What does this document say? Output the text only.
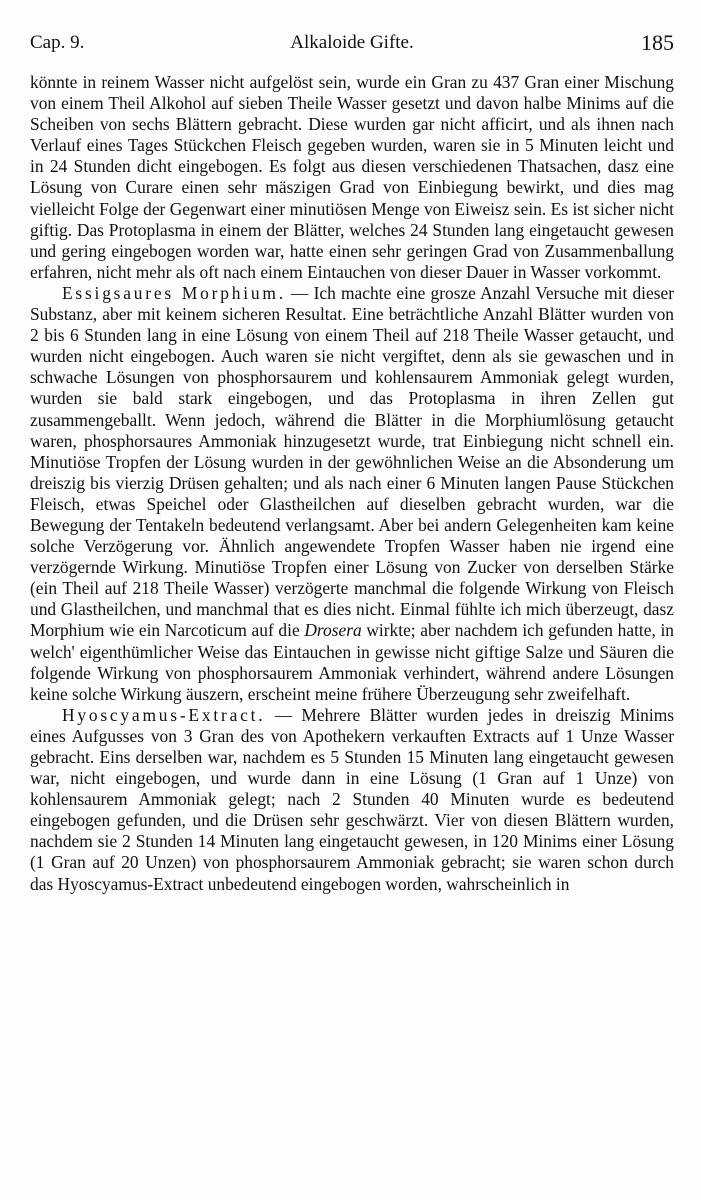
Cap. 9.	Alkaloide Gifte.	185

könnte in reinem Wasser nicht aufgelöst sein, wurde ein Gran zu 437 Gran einer Mischung von einem Theil Alkohol auf sieben Theile Wasser gesetzt und davon halbe Minims auf die Scheiben von sechs Blättern gebracht. Diese wurden gar nicht afficirt, und als ihnen nach Verlauf eines Tages Stückchen Fleisch gegeben wurden, waren sie in 5 Minuten leicht und in 24 Stunden dicht eingebogen. Es folgt aus diesen verschiedenen Thatsachen, dasz eine Lösung von Curare einen sehr mäszigen Grad von Einbiegung bewirkt, und dies mag vielleicht Folge der Gegenwart einer minutiösen Menge von Eiweisz sein. Es ist sicher nicht giftig. Das Protoplasma in einem der Blätter, welches 24 Stunden lang eingetaucht gewesen und gering eingebogen worden war, hatte einen sehr geringen Grad von Zusammenballung erfahren, nicht mehr als oft nach einem Eintauchen von dieser Dauer in Wasser vorkommt.

Essigsaures Morphium. — Ich machte eine grosze Anzahl Versuche mit dieser Substanz, aber mit keinem sicheren Resultat. Eine beträchtliche Anzahl Blätter wurden von 2 bis 6 Stunden lang in eine Lösung von einem Theil auf 218 Theile Wasser getaucht, und wurden nicht eingebogen. Auch waren sie nicht vergiftet, denn als sie gewaschen und in schwache Lösungen von phosphorsaurem und kohlensaurem Ammoniak gelegt wurden, wurden sie bald stark eingebogen, und das Protoplasma in ihren Zellen gut zusammengeballt. Wenn jedoch, während die Blätter in die Morphiumlösung getaucht waren, phosphorsaures Ammoniak hinzugesetzt wurde, trat Einbiegung nicht schnell ein. Minutiöse Tropfen der Lösung wurden in der gewöhnlichen Weise an die Absonderung um dreiszig bis vierzig Drüsen gehalten; und als nach einer 6 Minuten langen Pause Stückchen Fleisch, etwas Speichel oder Glastheilchen auf dieselben gebracht wurden, war die Bewegung der Tentakeln bedeutend verlangsamt. Aber bei andern Gelegenheiten kam keine solche Verzögerung vor. Ähnlich angewendete Tropfen Wasser haben nie irgend eine verzögernde Wirkung. Minutiöse Tropfen einer Lösung von Zucker von derselben Stärke (ein Theil auf 218 Theile Wasser) verzögerte manchmal die folgende Wirkung von Fleisch und Glastheilchen, und manchmal that es dies nicht. Einmal fühlte ich mich überzeugt, dasz Morphium wie ein Narcoticum auf die Drosera wirkte; aber nachdem ich gefunden hatte, in welch' eigenthümlicher Weise das Eintauchen in gewisse nicht giftige Salze und Säuren die folgende Wirkung von phosphorsaurem Ammoniak verhindert, während andere Lösungen keine solche Wirkung äuszern, erscheint meine frühere Überzeugung sehr zweifelhaft.

Hyoscyamus-Extract. — Mehrere Blätter wurden jedes in dreiszig Minims eines Aufgusses von 3 Gran des von Apothekern verkauften Extracts auf 1 Unze Wasser gebracht. Eins derselben war, nachdem es 5 Stunden 15 Minuten lang eingetaucht gewesen war, nicht eingebogen, und wurde dann in eine Lösung (1 Gran auf 1 Unze) von kohlensaurem Ammoniak gelegt; nach 2 Stunden 40 Minuten wurde es bedeutend eingebogen gefunden, und die Drüsen sehr geschwärzt. Vier von diesen Blättern wurden, nachdem sie 2 Stunden 14 Minuten lang eingetaucht gewesen, in 120 Minims einer Lösung (1 Gran auf 20 Unzen) von phosphorsaurem Ammoniak gebracht; sie waren schon durch das Hyoscyamus-Extract unbedeutend eingebogen worden, wahrscheinlich in
